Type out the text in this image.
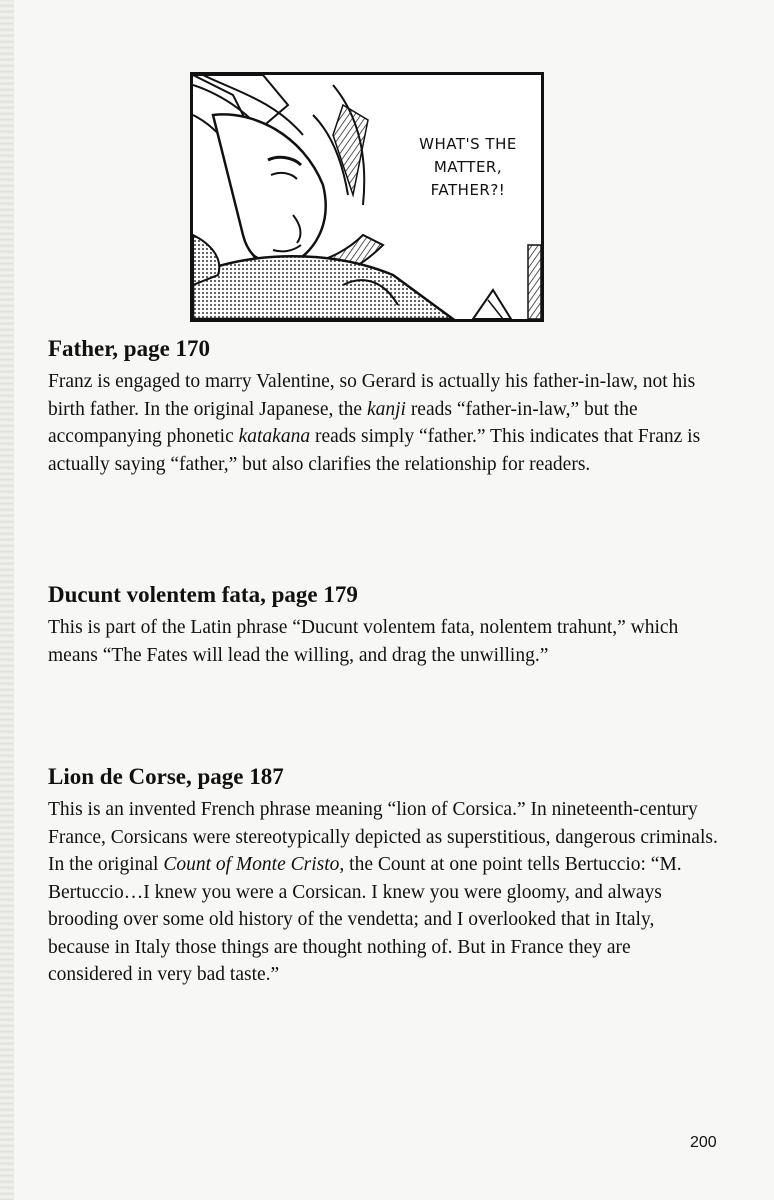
WHAT'S THE
MATTER,
FATHER?!
Father, page 170

Franz is engaged to marry Valentine, so Gerard is actually his father-in-law, not his birth father. In the original Japanese, the kanji reads “father-in-law,” but the accompanying phonetic katakana reads simply “father.” This indicates that Franz is actually saying “father,” but also clarifies the relationship for readers.

Ducunt volentem fata, page 179

This is part of the Latin phrase “Ducunt volentem fata, nolentem trahunt,” which means “The Fates will lead the willing, and drag the unwilling.”

Lion de Corse, page 187

This is an invented French phrase meaning “lion of Corsica.” In nineteenth-century France, Corsicans were stereotypically depicted as superstitious, dangerous criminals. In the original Count of Monte Cristo, the Count at one point tells Bertuccio: “M. Bertuccio…I knew you were a Corsican. I knew you were gloomy, and always brooding over some old history of the vendetta; and I overlooked that in Italy, because in Italy those things are thought nothing of. But in France they are considered in very bad taste.”

200
